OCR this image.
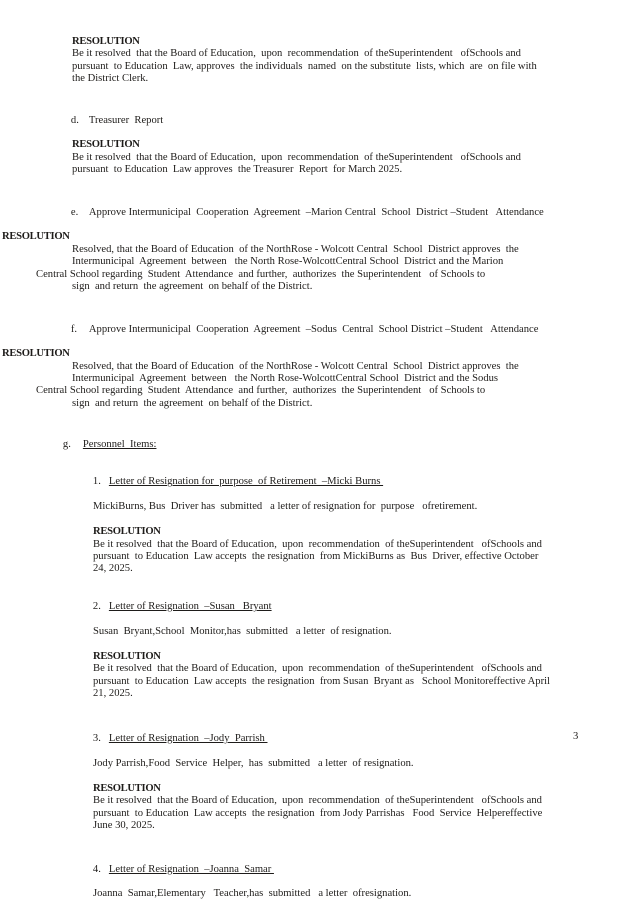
RESOLUTION
Be it resolved  that the Board of Education,  upon  recommendation  of theSuperintendent   ofSchools and
pursuant  to Education  Law, approves  the individuals  named  on the substitute  lists, which  are  on file with
the District Clerk.

d. Treasurer  Report

RESOLUTION
Be it resolved  that the Board of Education,  upon  recommendation  of theSuperintendent   ofSchools and
pursuant  to Education  Law approves  the Treasurer  Report  for March 2025.

e. Approve Intermunicipal  Cooperation  Agreement  –Marion Central  School  District –Student   Attendance

RESOLUTION
Resolved, that the Board of Education  of the NorthRose - Wolcott Central  School  District approves  the
Intermunicipal  Agreement  between   the North Rose-WolcottCentral School  District and the Marion
Central School regarding  Student  Attendance  and further,  authorizes  the Superintendent   of Schools to
sign  and return  the agreement  on behalf of the District.

f. Approve Intermunicipal  Cooperation  Agreement  –Sodus  Central  School District –Student   Attendance

RESOLUTION
Resolved, that the Board of Education  of the NorthRose - Wolcott Central  School  District approves  the
Intermunicipal  Agreement  between   the North Rose-WolcottCentral School  District and the Sodus
Central School regarding  Student  Attendance  and further,  authorizes  the Superintendent   of Schools to
sign  and return  the agreement  on behalf of the District.

g. Personnel  Items:

1. Letter of Resignation for  purpose  of Retirement  –Micki Burns

MickiBurns, Bus  Driver has  submitted   a letter of resignation for  purpose   ofretirement.
RESOLUTION
Be it resolved  that the Board of Education,  upon  recommendation  of theSuperintendent   ofSchools and
pursuant  to Education  Law accepts  the resignation  from MickiBurns as  Bus  Driver, effective October
24, 2025.

2. Letter of Resignation  –Susan   Bryant

Susan  Bryant,School  Monitor,has  submitted   a letter  of resignation.
RESOLUTION
Be it resolved  that the Board of Education,  upon  recommendation  of theSuperintendent   ofSchools and
pursuant  to Education  Law accepts  the resignation  from Susan  Bryant as   School Monitoreffective April
21, 2025.

3. Letter of Resignation  –Jody  Parrish

Jody Parrish,Food  Service  Helper,  has  submitted   a letter  of resignation.
RESOLUTION
Be it resolved  that the Board of Education,  upon  recommendation  of theSuperintendent   ofSchools and
pursuant  to Education  Law accepts  the resignation  from Jody Parrishas   Food  Service  Helpereffective
June 30, 2025.

4. Letter of Resignation  –Joanna  Samar

Joanna  Samar,Elementary   Teacher,has  submitted   a letter  ofresignation.
3
